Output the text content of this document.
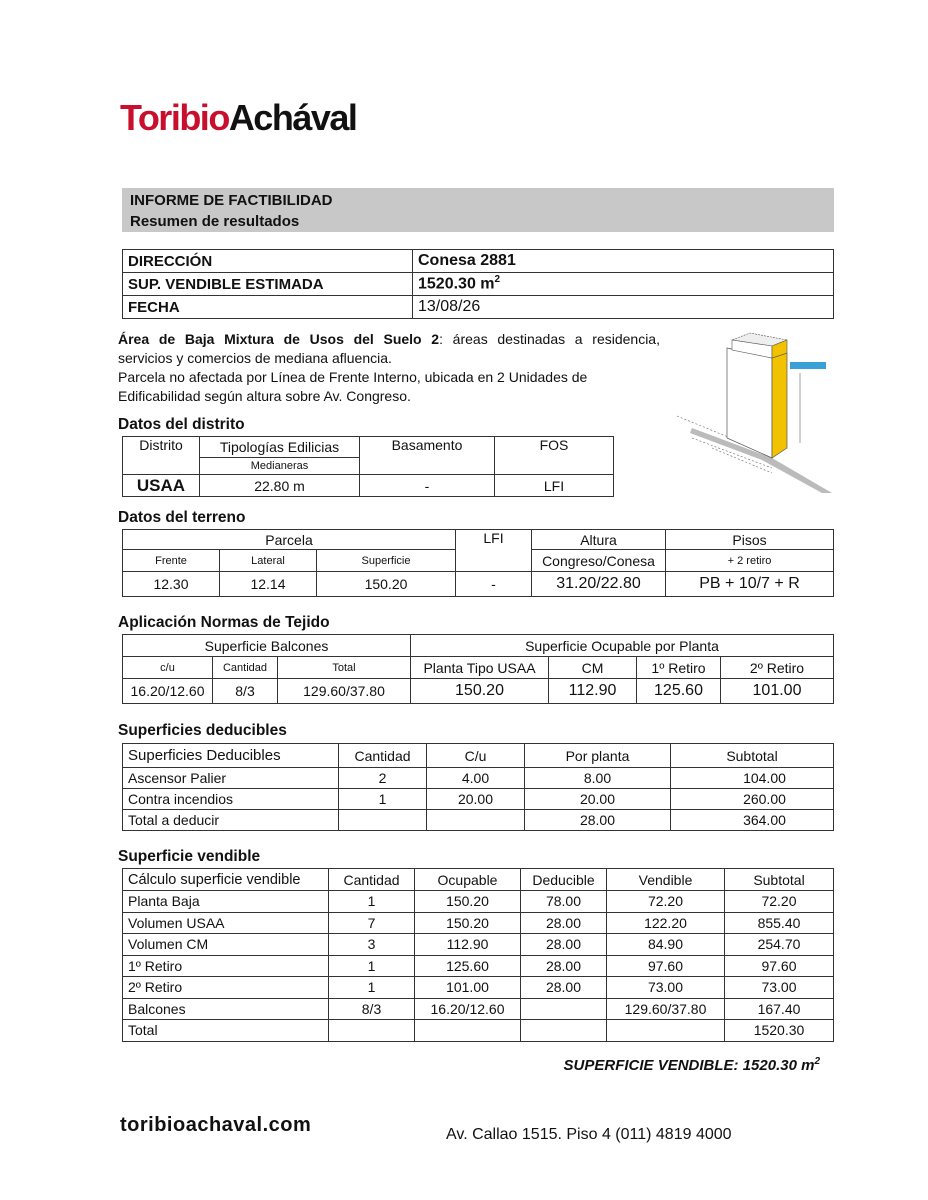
ToribioAchával
INFORME DE FACTIBILIDAD
Resumen de resultados
DIRECCIÓN	Conesa 2881
SUP. VENDIBLE ESTIMADA	1520.30 $m^2$
FECHA	13/08/26

Área de Baja Mixtura de Usos del Suelo 2: áreas destinadas a residencia,

servicios y comercios de mediana afluencia.

Parcela no afectada por Línea de Frente Interno, ubicada en 2 Unidades de

Edificabilidad según altura sobre Av. Congreso.

Datos del distrito
Distrito	Tipologías Edilicias	Basamento	FOS
	Medianeras		
USAA	22.80 m	-	LFI
Datos del terreno
Parcela			LFI	Altura	Pisos
Frente	Lateral	Superficie		Congreso/Conesa	+ 2 retiro
12.30	12.14	150.20	-	31.20/22.80	PB + 10/7 + R
Aplicación Normas de Tejido
Superficie Balcones			Superficie Ocupable por Planta			
c/u	Cantidad	Total	Planta Tipo USAA	CM	1º Retiro	2º Retiro
16.20/12.60	8/3	129.60/37.80	150.20	112.90	125.60	101.00
Superficies deducibles
Superficies Deducibles	Cantidad	C/u	Por planta	Subtotal
Ascensor Palier	2	4.00	8.00	104.00
Contra incendios	1	20.00	20.00	260.00
Total a deducir			28.00	364.00
Superficie vendible
Cálculo superficie vendible	Cantidad	Ocupable	Deducible	Vendible	Subtotal
Planta Baja	1	150.20	78.00	72.20	72.20
Volumen USAA	7	150.20	28.00	122.20	855.40
Volumen CM	3	112.90	28.00	84.90	254.70
1º Retiro	1	125.60	28.00	97.60	97.60
2º Retiro	1	101.00	28.00	73.00	73.00
Balcones	8/3	16.20/12.60		129.60/37.80	167.40
Total					1520.30
SUPERFICIE VENDIBLE: 1520.30 $m^2$
toribioachaval.com	Av. Callao 1515. Piso 4 (011) 4819 4000
